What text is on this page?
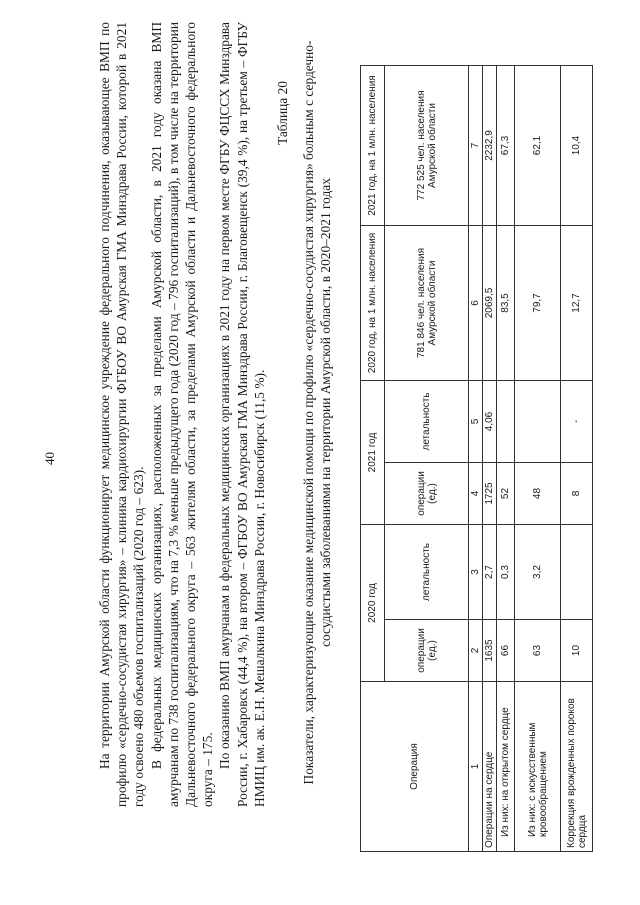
40	На территории Амурской области функционирует медицинское учреждение федерального подчинения, оказывающее ВМП по профилю «сердечно-сосудистая хирургия» – клиника кардиохирургии ФГБОУ ВО Амурская ГМА Минздрава России, которой в 2021 году освоено 480 объемов госпитализаций (2020 год – 623). В федеральных медицинских организациях, расположенных за пределами Амурской области, в 2021 году оказана ВМП амурчанам по 738 госпитализациям, что на 7,3 % меньше предыдущего года (2020 год – 796 госпитализаций), в том числе на территории Дальневосточного федерального округа – 563 жителям области, за пределами Амурской области и Дальневосточного федерального округа – 175.

По оказанию ВМП амурчанам в федеральных медицинских организациях в 2021 году на первом месте ФГБУ ФЦССХ Минздрава России, г. Хабаровск (44,4 %), на втором – ФГБОУ ВО Амурская ГМА Минздрава России, г. Благовещенск (39,4 %), на третьем – ФГБУ НМИЦ им. ак. Е.Н. Мешалкина Минздрава России, г. Новосибирск (11,5 %).

Таблица 20 Показатели, характеризующие оказание медицинской помощи по профилю «сердечно-сосудистая хирургия» больным с сердечно-сосудистыми заболеваниями на территории Амурской области, в 2020–2021 годах
Операция	2020 год		2021 год		2020 год, на 1 млн. населения	2021 год, на 1 млн. населения
	операции (ед.)	летальность	операции (ед.)	летальность	781 846 чел. населения Амурской области	772 525 чел. населения Амурской области
1	2	3	4	5	6	7
Операции на сердце	1635	2,7	1725	4,06	2069,5	2232,9
Из них: на открытом сердце	66	0,3	52		83,5	67,3
Из них: с искусственным кровообращением	63	3,2	48		79,7	62,1
Коррекция врожденных пороков сердца	10		8	-	12,7	10,4
